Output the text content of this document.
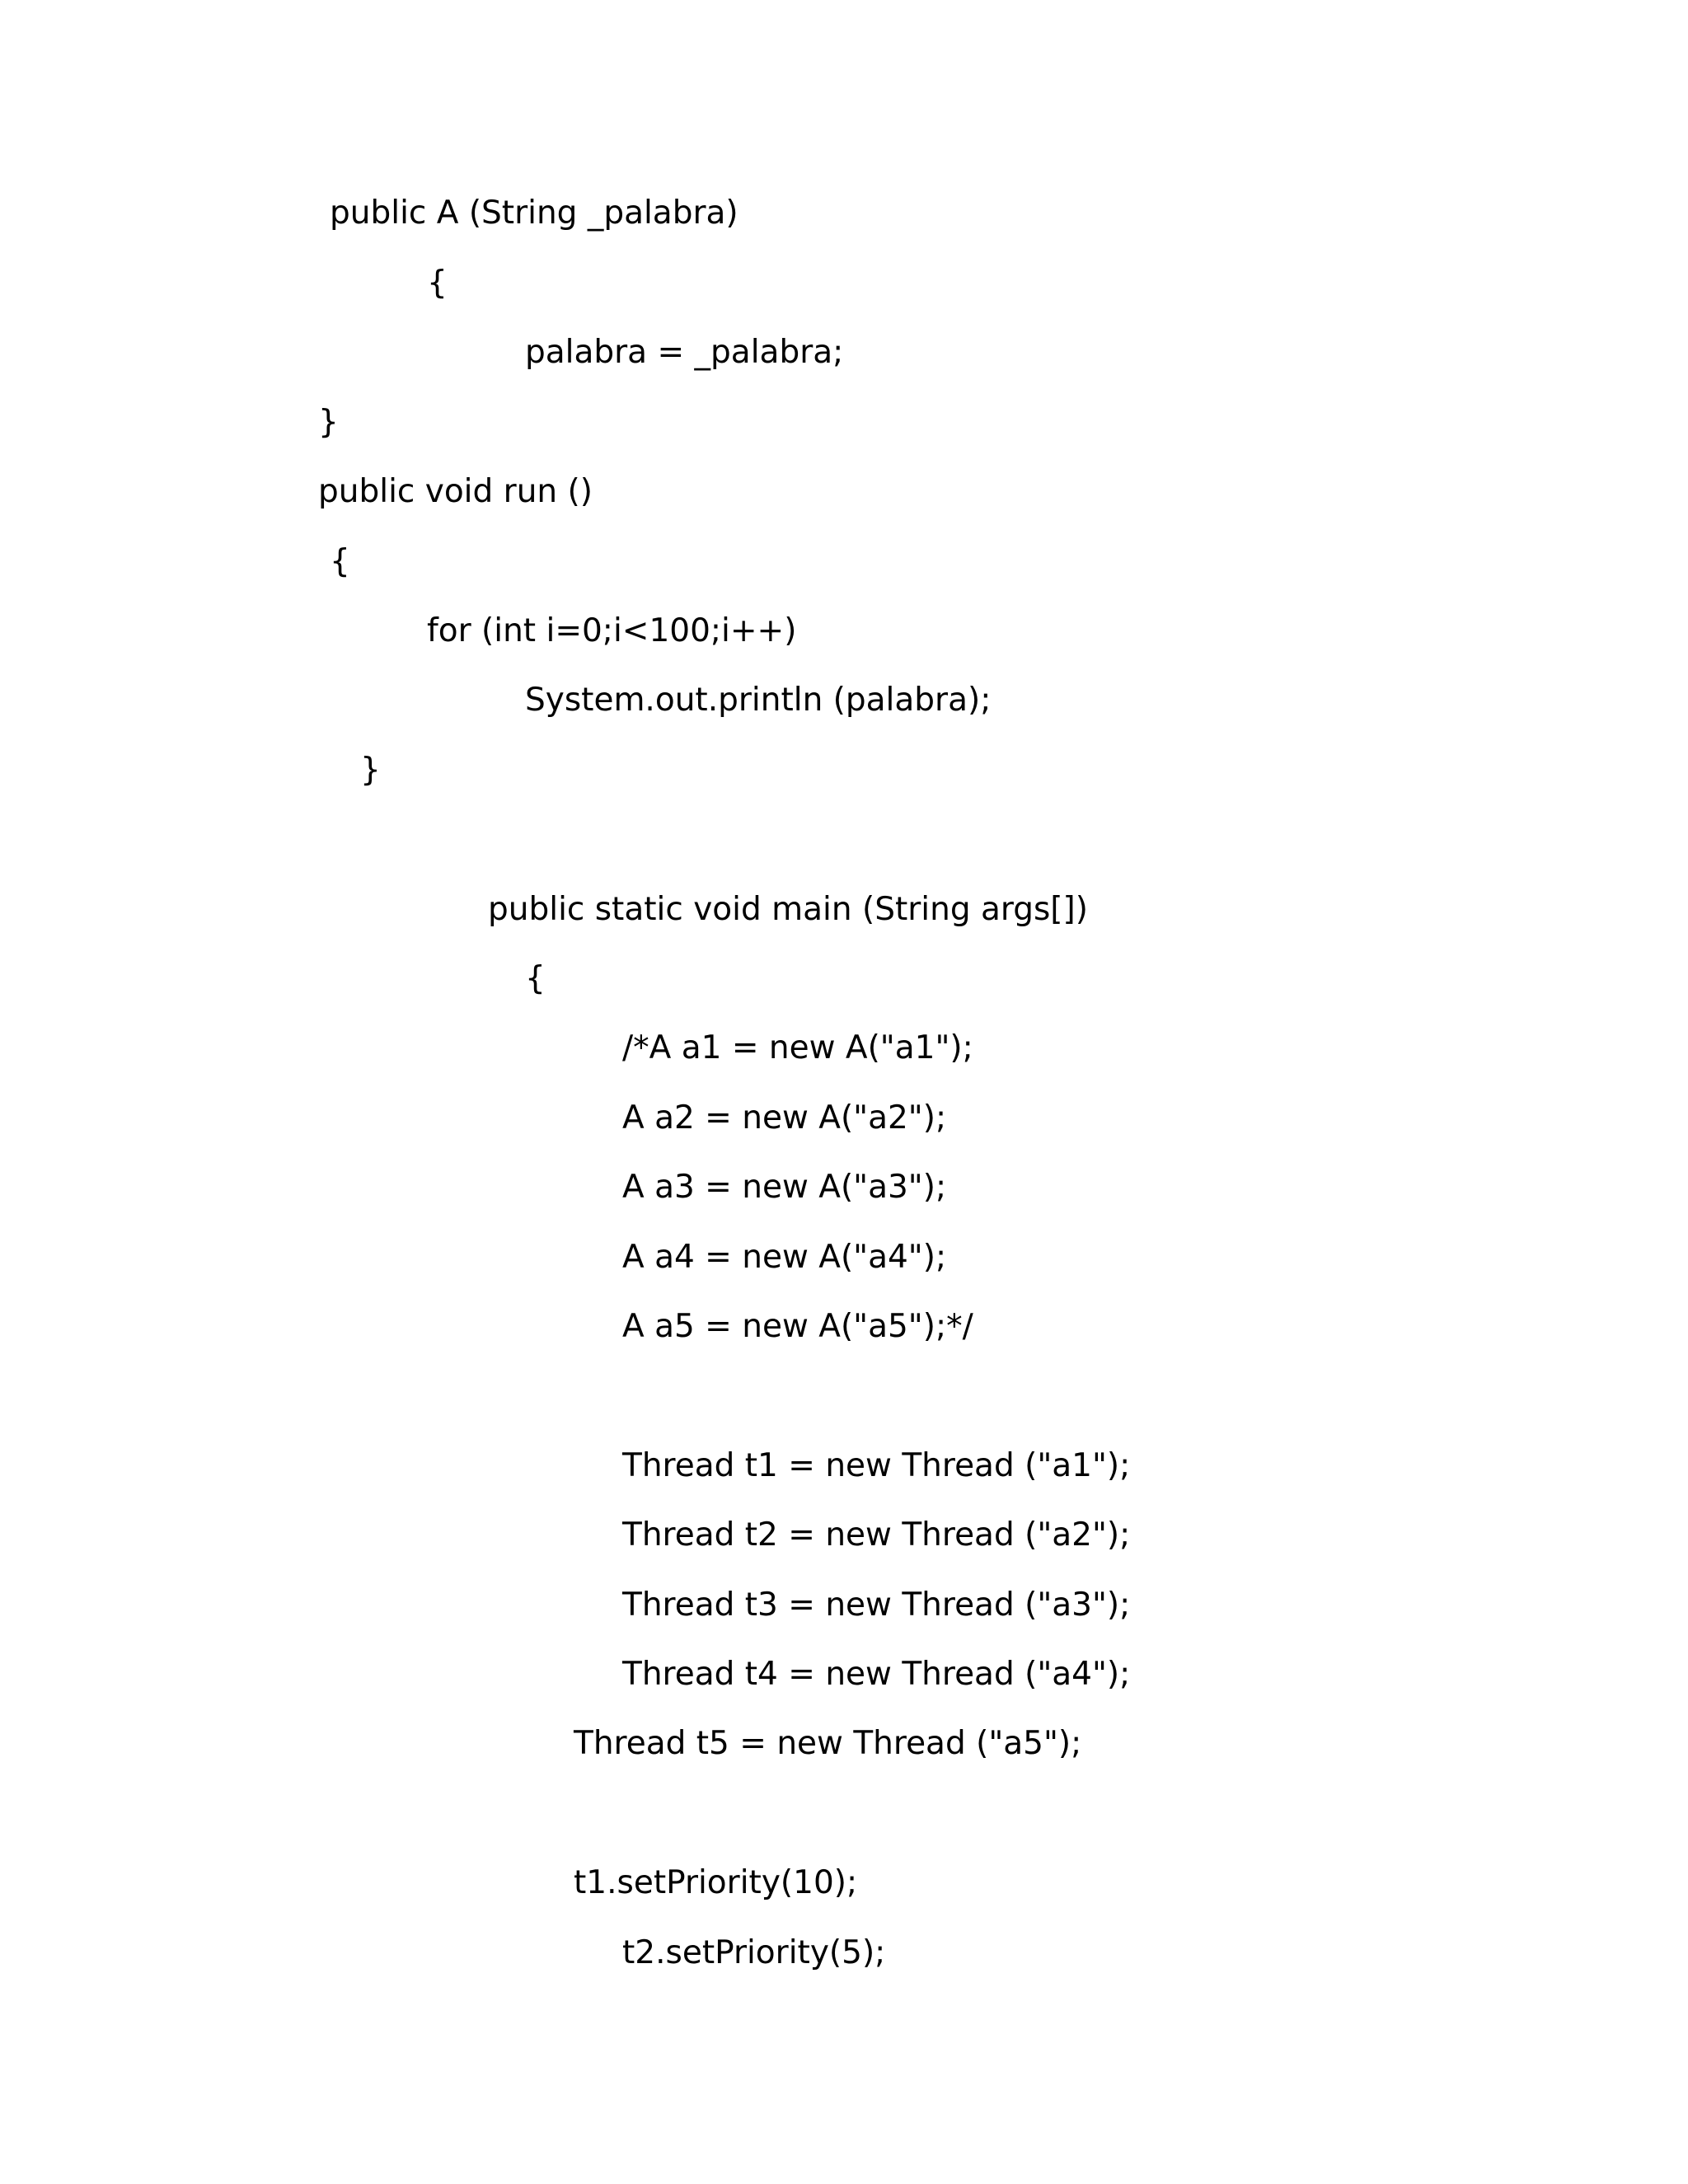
public A (String _palabra)

{

palabra = _palabra;

}

public void run ()

{

for (int i=0;i<100;i++)

System.out.println (palabra);

}

public static void main (String args[])

{

/*A a1 = new A("a1");

A a2 = new A("a2");

A a3 = new A("a3");

A a4 = new A("a4");

A a5 = new A("a5");*/

Thread t1 = new Thread ("a1");

Thread t2 = new Thread ("a2");

Thread t3 = new Thread ("a3");

Thread t4 = new Thread ("a4");

Thread t5 = new Thread ("a5");

t1.setPriority(10);

t2.setPriority(5);
